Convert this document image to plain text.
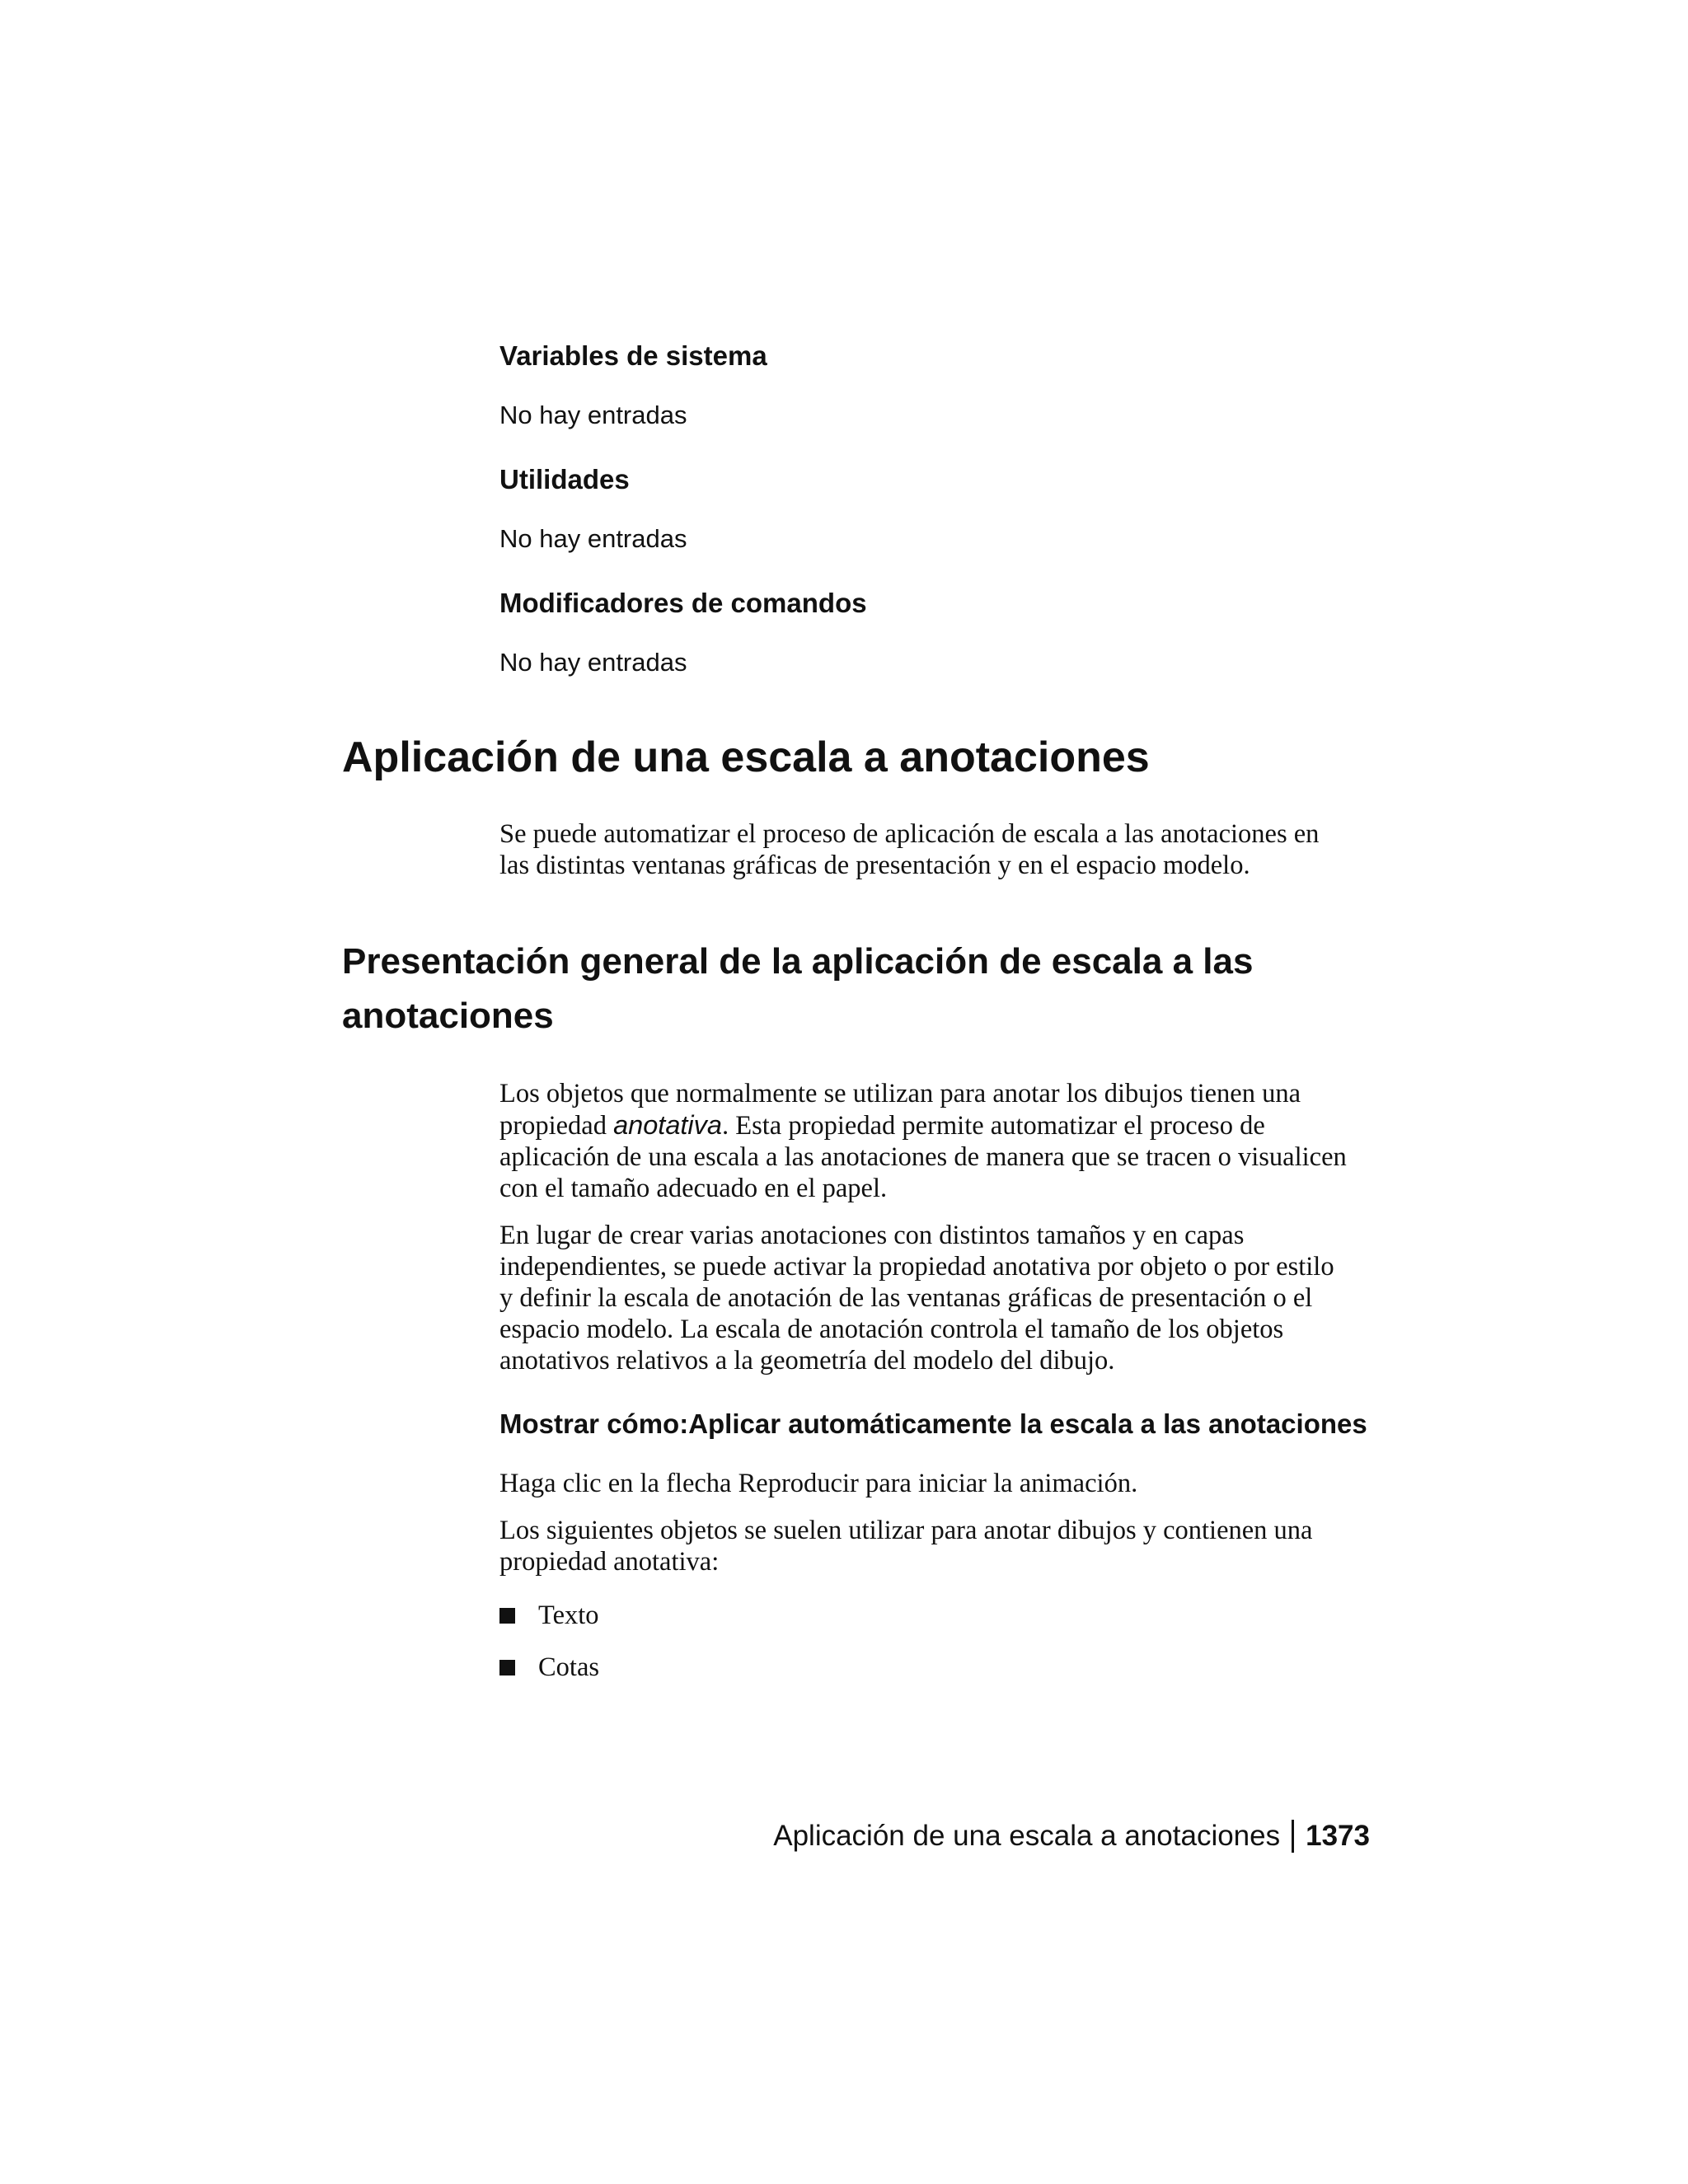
Variables de sistema

No hay entradas

Utilidades

No hay entradas

Modificadores de comandos

No hay entradas

Aplicación de una escala a anotaciones

Se puede automatizar el proceso de aplicación de escala a las anotaciones en
las distintas ventanas gráficas de presentación y en el espacio modelo.

Presentación general de la aplicación de escala a las
anotaciones

Los objetos que normalmente se utilizan para anotar los dibujos tienen una
propiedad anotativa. Esta propiedad permite automatizar el proceso de
aplicación de una escala a las anotaciones de manera que se tracen o visualicen
con el tamaño adecuado en el papel.

En lugar de crear varias anotaciones con distintos tamaños y en capas
independientes, se puede activar la propiedad anotativa por objeto o por estilo
y definir la escala de anotación de las ventanas gráficas de presentación o el
espacio modelo. La escala de anotación controla el tamaño de los objetos
anotativos relativos a la geometría del modelo del dibujo.

Mostrar cómo:Aplicar automáticamente la escala a las anotaciones

Haga clic en la flecha Reproducir para iniciar la animación.

Los siguientes objetos se suelen utilizar para anotar dibujos y contienen una
propiedad anotativa:

Texto
Cotas
Aplicación de una escala a anotaciones 1373
